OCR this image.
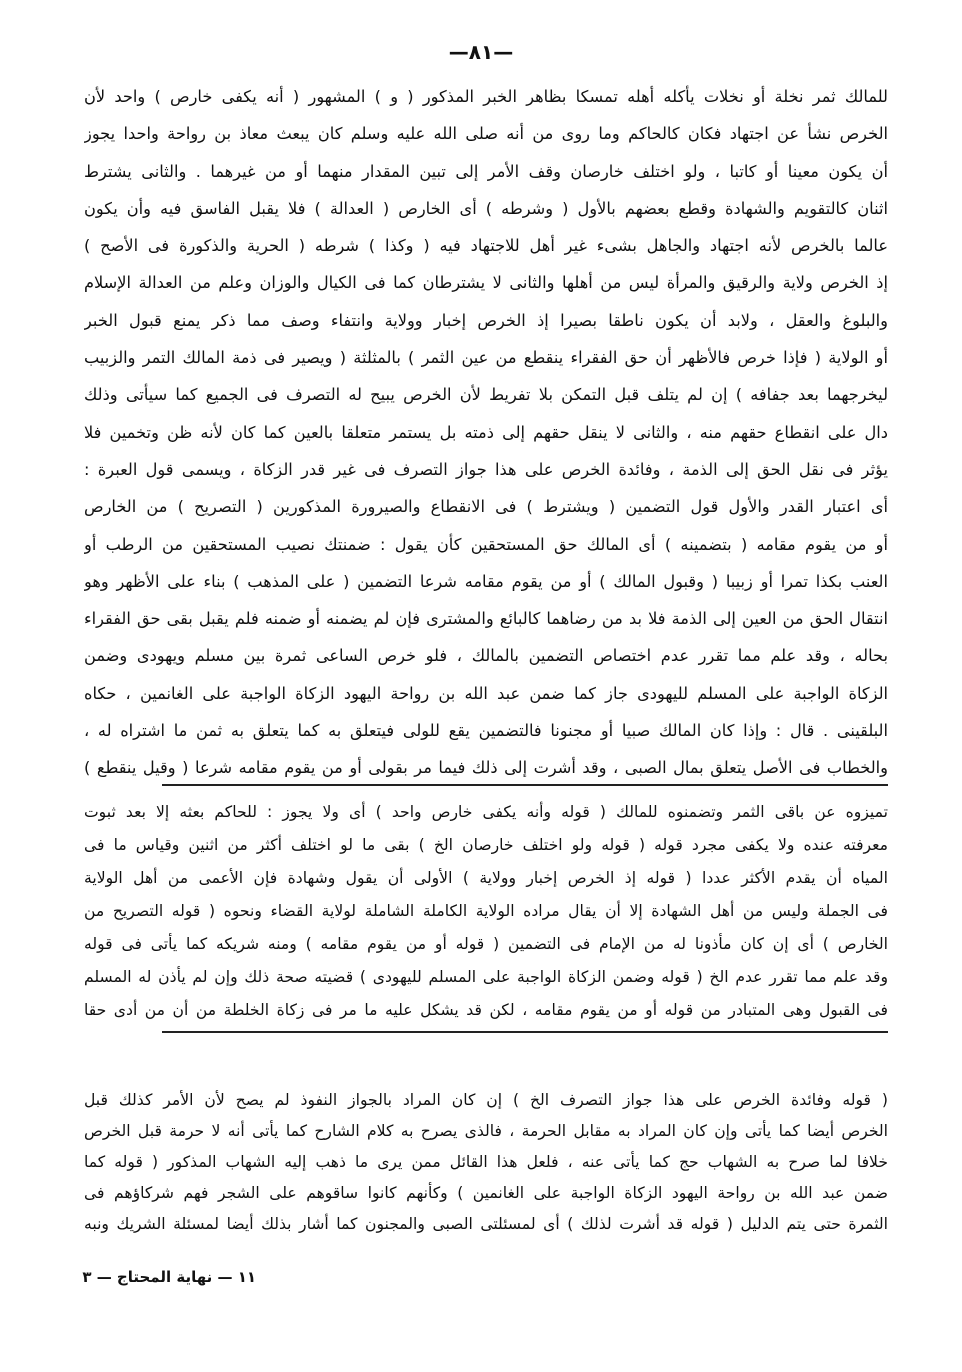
—٨١—
للمالك ثمر نخلة أو نخلات يأكله أهله تمسكا بظاهر الخبر المذكور ( و ) المشهور ( أنه يكفى خارص ) واحد لأن
الخرص نشأ عن اجتهاد فكان كالحاكم وما روى من أنه صلى الله عليه وسلم كان يبعث معاذ بن رواحة واحدا يجوز
أن يكون معينا أو كاتبا ، ولو اختلف خارصان وقف الأمر إلى تبين المقدار منهما أو من غيرهما . والثانى يشترط
اثنان كالتقويم والشهادة وقطع بعضهم بالأول ( وشرطه ) أى الخارص ( العدالة ) فلا يقبل الفاسق فيه وأن يكون
عالما بالخرص لأنه اجتهاد والجاهل بشىء غير أهل للاجتهاد فيه ( وكذا ) شرطه ( الحرية والذكورة فى الأصح )
إذ الخرص ولاية والرقيق والمرأة ليس من أهلها والثانى لا يشترطان كما فى الكيال والوزان وعلم من العدالة الإسلام
والبلوغ والعقل ، ولابد أن يكون ناطقا بصيرا إذ الخرص إخبار وولاية وانتفاء وصف مما ذكر يمنع قبول الخبر
أو الولاية ( فإذا خرص فالأظهر أن حق الفقراء ينقطع من عين الثمر ) بالمثلثة ( ويصير فى ذمة المالك التمر والزبيب
ليخرجهما بعد جفافه ) إن لم يتلف قبل التمكن بلا تفريط لأن الخرص يبيح له التصرف فى الجميع كما سيأتى وذلك
دال على انقطاع حقهم منه ، والثانى لا ينقل حقهم إلى ذمته بل يستمر متعلقا بالعين كما كان لأنه ظن وتخمين فلا
يؤثر فى نقل الحق إلى الذمة ، وفائدة الخرص على هذا جواز التصرف فى غير قدر الزكاة ، ويسمى قول العبرة :
أى اعتبار القدر والأول قول التضمين ( ويشترط ) فى الانقطاع والصيرورة المذكورين ( التصريح ) من الخارص
أو من يقوم مقامه ( بتضمينه ) أى المالك حق المستحقين كأن يقول : ضمنتك نصيب المستحقين من الرطب أو
العنب بكذا تمرا أو زبيبا ( وقبول المالك ) أو من يقوم مقامه شرعا التضمين ( على المذهب ) بناء على الأظهر وهو
انتقال الحق من العين إلى الذمة فلا بد من رضاهما كالبائع والمشترى فإن لم يضمنه أو ضمنه فلم يقبل بقى حق الفقراء
بحاله ، وقد علم مما تقرر عدم اختصاص التضمين بالمالك ، فلو خرص الساعى ثمرة بين مسلم ويهودى وضمن
الزكاة الواجبة على المسلم لليهودى جاز كما ضمن عبد الله بن رواحة اليهود الزكاة الواجبة على الغانمين ، حكاه
البلقينى . قال : وإذا كان المالك صبيا أو مجنونا فالتضمين يقع للولى فيتعلق به كما يتعلق به ثمن ما اشتراه له ،
والخطاب فى الأصل يتعلق بمال الصبى ، وقد أشرت إلى ذلك فيما مر بقولى أو من يقوم مقامه شرعا ( وقيل ينقطع )
تميزوه عن باقى الثمر وتضمنوه للمالك ( قوله وأنه يكفى خارص واحد ) أى ولا يجوز : للحاكم بعثه إلا بعد ثبوت
معرفته عنده ولا يكفى مجرد قوله ( قوله ولو اختلف خارصان الخ ) بقى ما لو اختلف أكثر من اثنين وقياس ما فى
المياه أن يقدم الأكثر عددا ( قوله إذ الخرص إخبار وولاية ) الأولى أن يقول وشهادة فإن الأعمى من أهل الولاية
فى الجملة وليس من أهل الشهادة إلا أن يقال مراده الولاية الكاملة الشاملة لولاية القضاء ونحوه ( قوله التصريح من
الخارص ) أى إن كان مأذونا له من الإمام فى التضمين ( قوله أو من يقوم مقامه ) ومنه شريكه كما يأتى فى قوله
وقد علم مما تقرر عدم الخ ( قوله وضمن الزكاة الواجبة على المسلم لليهودى ) قضيته صحة ذلك وإن لم يأذن له المسلم
فى القبول وهى المتبادر من قوله أو من يقوم مقامه ، لكن قد يشكل عليه ما مر فى زكاة الخلطة من أن من أدى حقا
( قوله وفائدة الخرص على هذا جواز التصرف الخ ) إن كان المراد بالجواز النفوذ لم يصح لأن الأمر كذلك قبل
الخرص أيضا كما يأتى وإن كان المراد به مقابل الحرمة ، فالذى يصرح به كلام الشارح كما يأتى أنه لا حرمة قبل الخرص
خلافا لما صرح به الشهاب حج كما يأتى عنه ، فلعل هذا القائل ممن يرى ما ذهب إليه الشهاب المذكور ( قوله كما
ضمن عبد الله بن رواحة اليهود الزكاة الواجبة على الغانمين ) وكأنهم كانوا ساقوهم على الشجر فهم شركاؤهم فى
الثمرة حتى يتم الدليل ( قوله قد أشرت لذلك ) أى لمسئلتى الصبى والمجنون كما أشار بذلك أيضا لمسئلة الشريك ونبه
١١ — نهاية المحتاج — ٣
